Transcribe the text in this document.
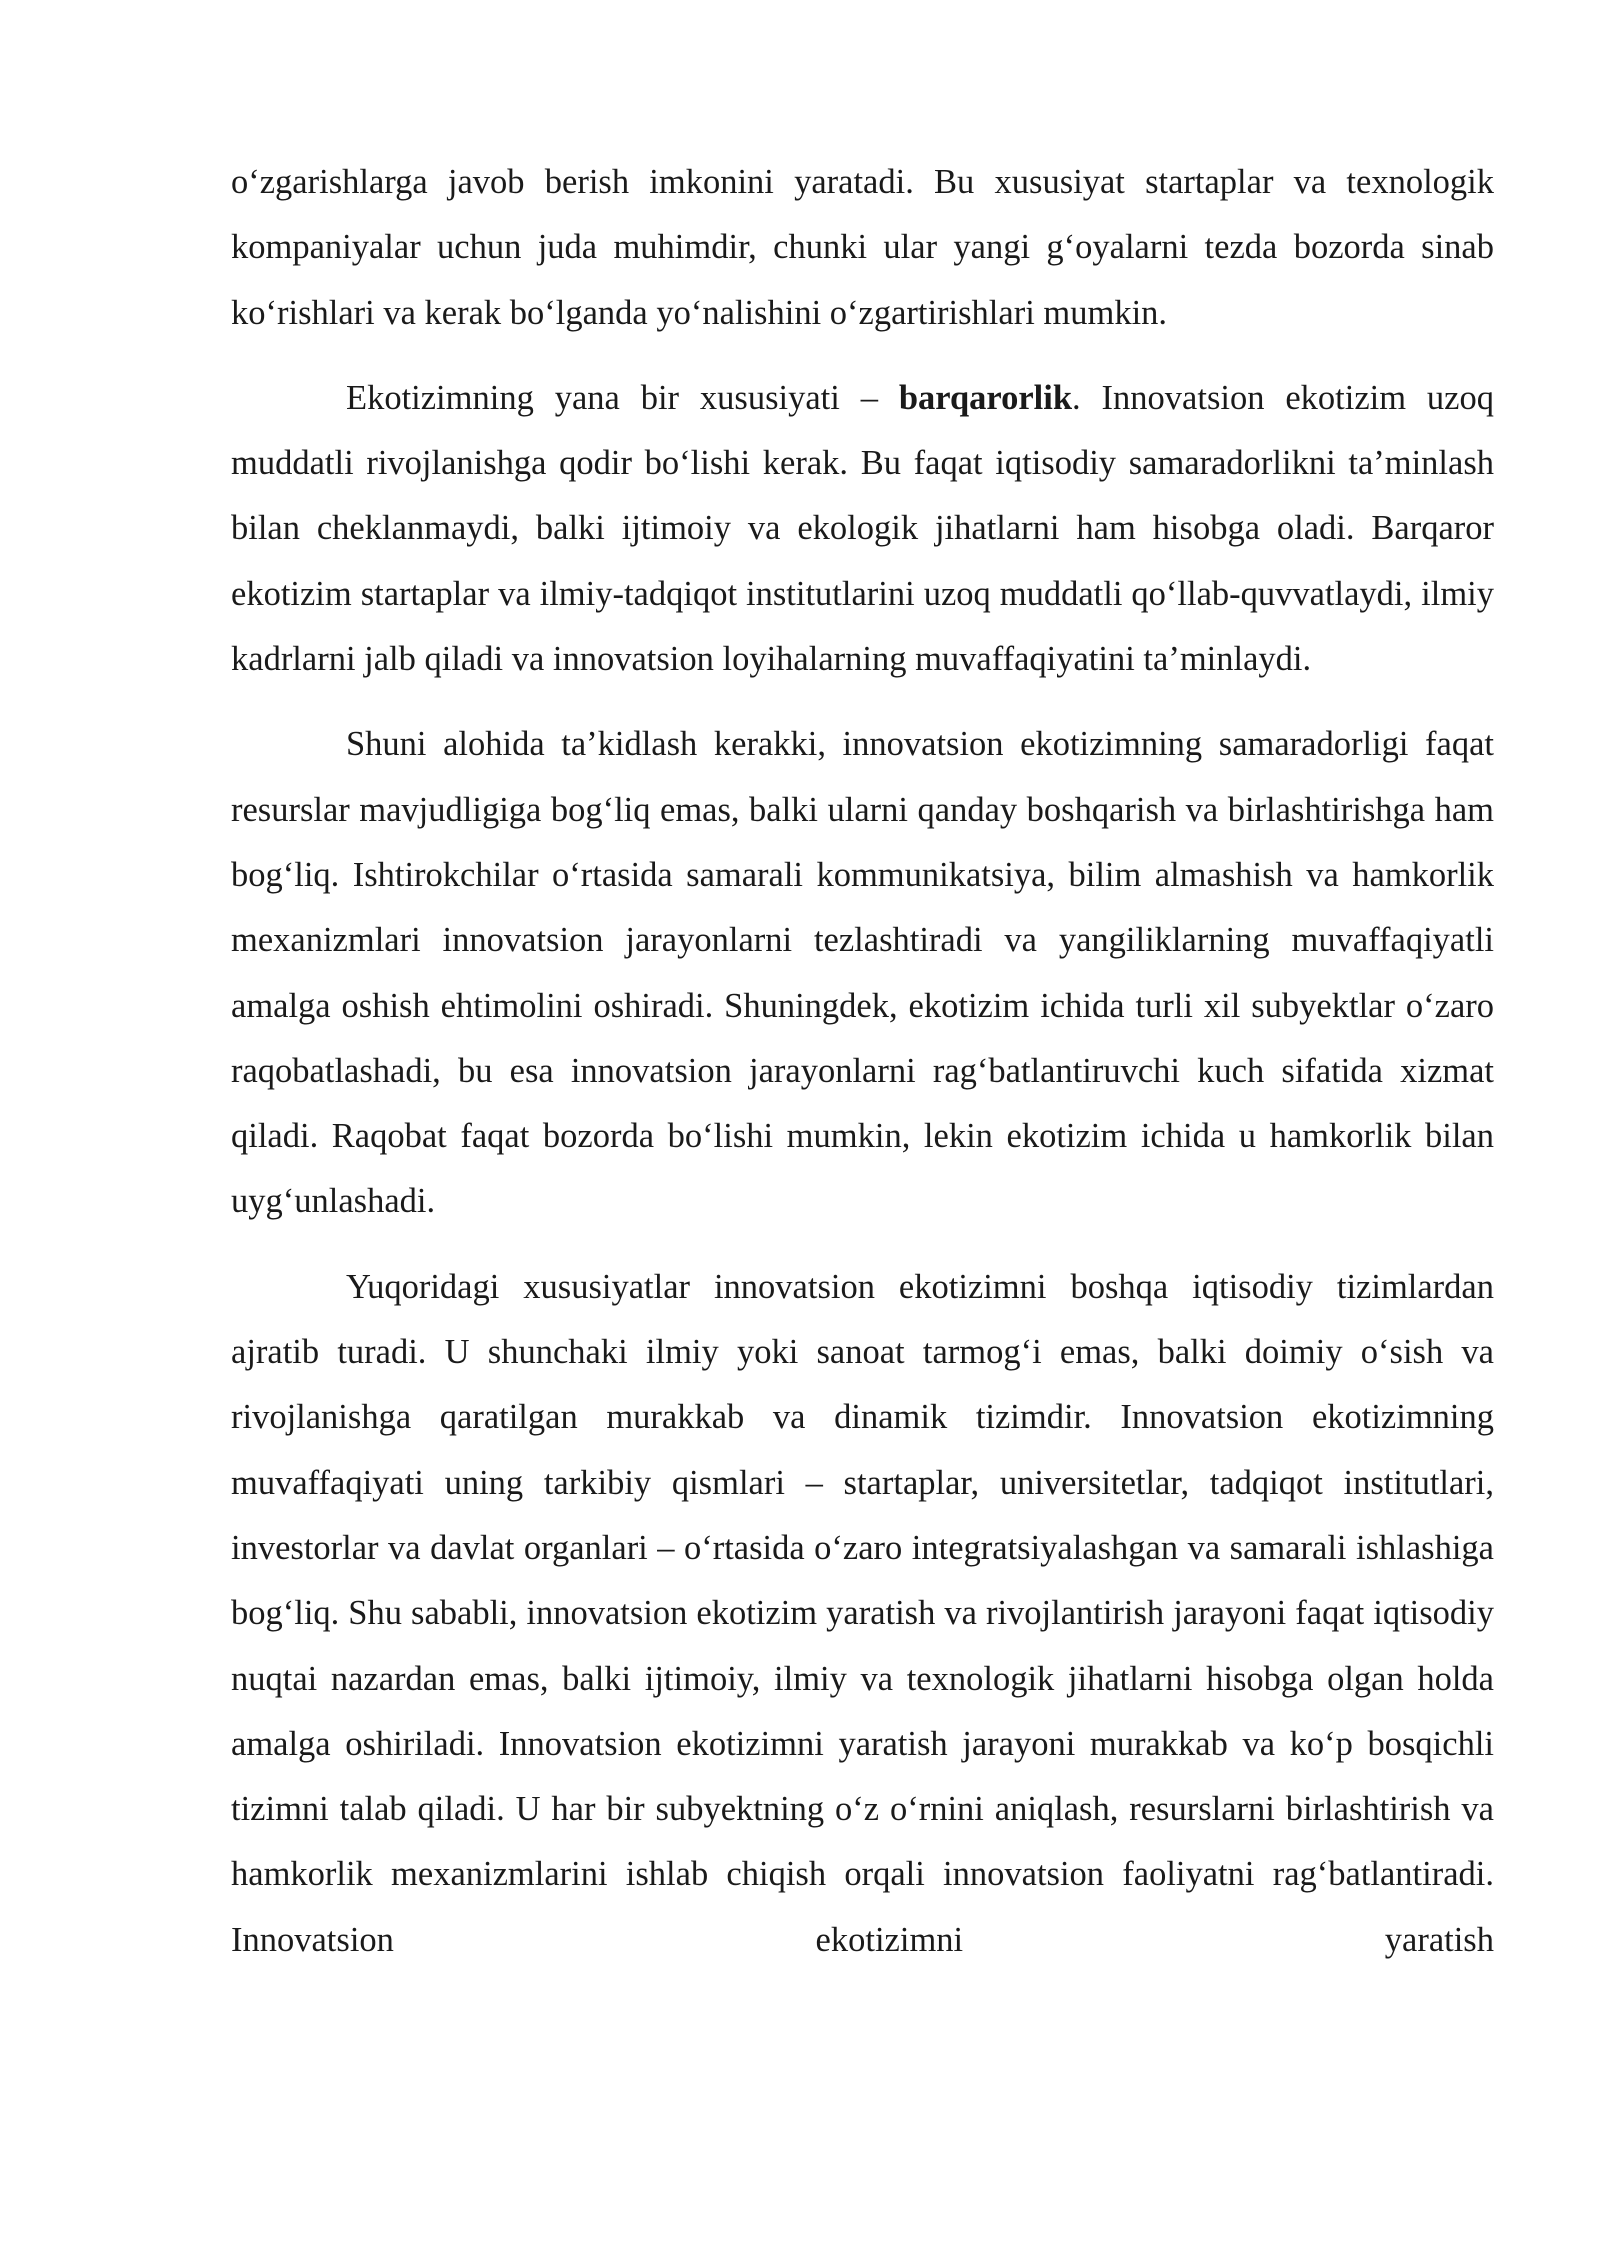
o‘zgarishlarga javob berish imkonini yaratadi. Bu xususiyat startaplar va texnologik kompaniyalar uchun juda muhimdir, chunki ular yangi g‘oyalarni tezda bozorda sinab ko‘rishlari va kerak bo‘lganda yo‘nalishini o‘zgartirishlari mumkin.

Ekotizimning yana bir xususiyati – barqarorlik. Innovatsion ekotizim uzoq muddatli rivojlanishga qodir bo‘lishi kerak. Bu faqat iqtisodiy samaradorlikni ta’minlash bilan cheklanmaydi, balki ijtimoiy va ekologik jihatlarni ham hisobga oladi. Barqaror ekotizim startaplar va ilmiy-tadqiqot institutlarini uzoq muddatli qo‘llab-quvvatlaydi, ilmiy kadrlarni jalb qiladi va innovatsion loyihalarning muvaffaqiyatini ta’minlaydi.

Shuni alohida ta’kidlash kerakki, innovatsion ekotizimning samaradorligi faqat resurslar mavjudligiga bog‘liq emas, balki ularni qanday boshqarish va birlashtirishga ham bog‘liq. Ishtirokchilar o‘rtasida samarali kommunikatsiya, bilim almashish va hamkorlik mexanizmlari innovatsion jarayonlarni tezlashtiradi va yangiliklarning muvaffaqiyatli amalga oshish ehtimolini oshiradi. Shuningdek, ekotizim ichida turli xil subyektlar o‘zaro raqobatlashadi, bu esa innovatsion jarayonlarni rag‘batlantiruvchi kuch sifatida xizmat qiladi. Raqobat faqat bozorda bo‘lishi mumkin, lekin ekotizim ichida u hamkorlik bilan uyg‘unlashadi.

Yuqoridagi xususiyatlar innovatsion ekotizimni boshqa iqtisodiy tizimlardan ajratib turadi. U shunchaki ilmiy yoki sanoat tarmog‘i emas, balki doimiy o‘sish va rivojlanishga qaratilgan murakkab va dinamik tizimdir. Innovatsion ekotizimning muvaffaqiyati uning tarkibiy qismlari – startaplar, universitetlar, tadqiqot institutlari, investorlar va davlat organlari – o‘rtasida o‘zaro integratsiyalashgan va samarali ishlashiga bog‘liq. Shu sababli, innovatsion ekotizim yaratish va rivojlantirish jarayoni faqat iqtisodiy nuqtai nazardan emas, balki ijtimoiy, ilmiy va texnologik jihatlarni hisobga olgan holda amalga oshiriladi. Innovatsion ekotizimni yaratish jarayoni murakkab va ko‘p bosqichli tizimni talab qiladi. U har bir subyektning o‘z o‘rnini aniqlash, resurslarni birlashtirish va hamkorlik mexanizmlarini ishlab chiqish orqali innovatsion faoliyatni rag‘batlantiradi. Innovatsion ekotizimni yaratish
